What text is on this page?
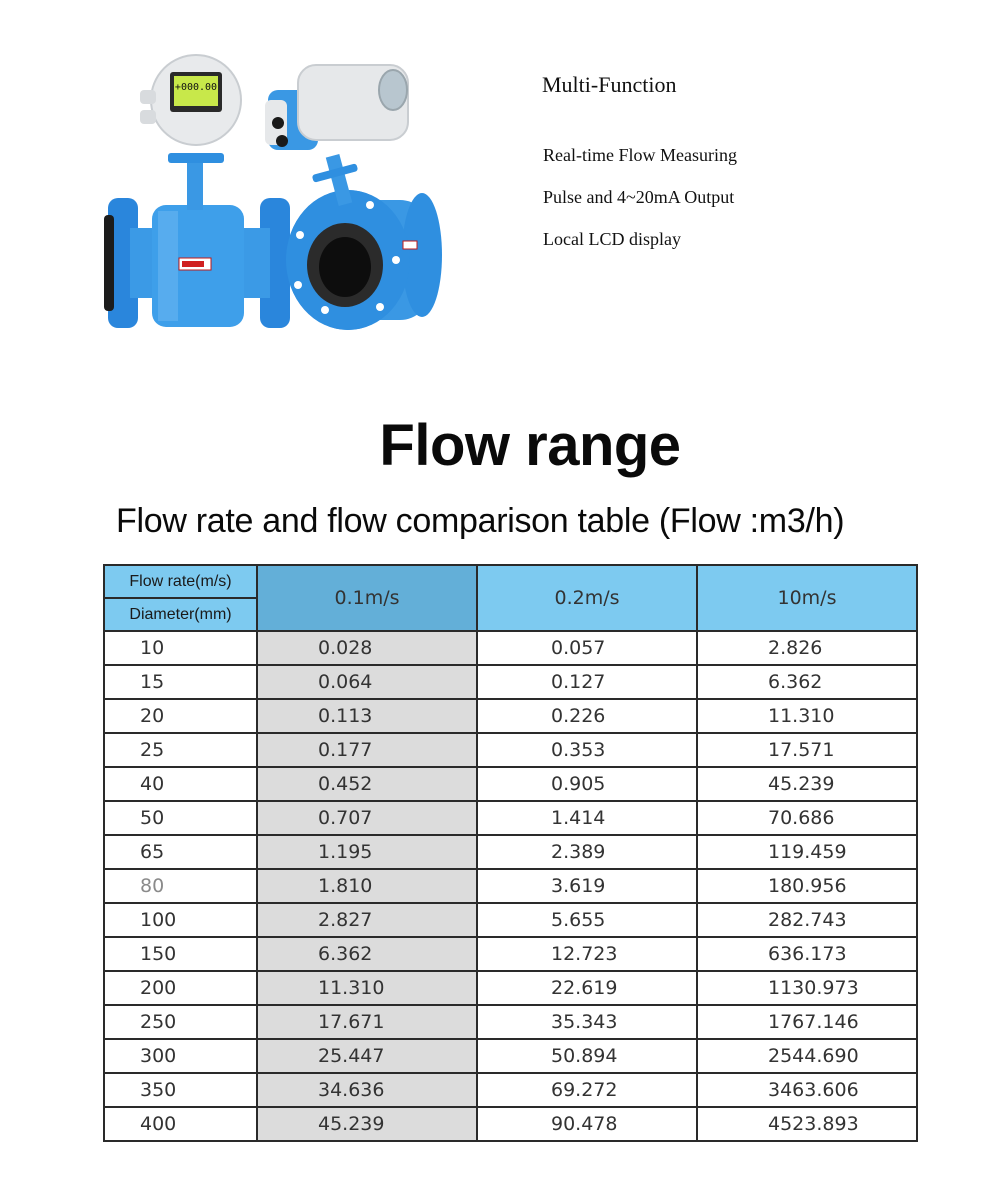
+000.00	Multi-Function
Real-time Flow Measuring
Pulse and 4~20mA Output
Local LCD display
Flow range
Flow rate and flow comparison table (Flow :m3/h)
Flow rate(m/s)	0.1m/s	0.2m/s	10m/s
Diameter(mm)			
10	0.028	0.057	2.826
15	0.064	0.127	6.362
20	0.113	0.226	11.310
25	0.177	0.353	17.571
40	0.452	0.905	45.239
50	0.707	1.414	70.686
65	1.195	2.389	119.459
80	1.810	3.619	180.956
100	2.827	5.655	282.743
150	6.362	12.723	636.173
200	11.310	22.619	1130.973
250	17.671	35.343	1767.146
300	25.447	50.894	2544.690
350	34.636	69.272	3463.606
400	45.239	90.478	4523.893
